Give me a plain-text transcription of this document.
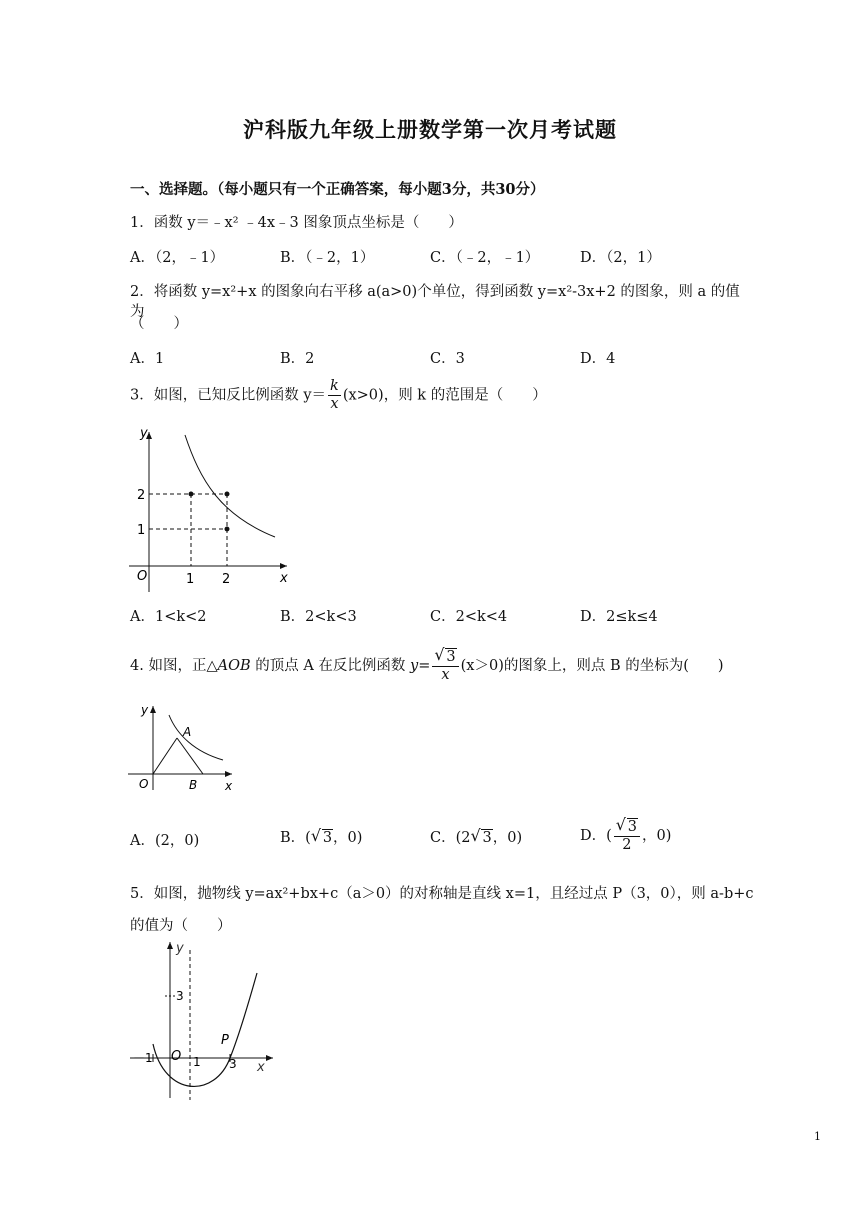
沪科版九年级上册数学第一次月考试题
一、选择题。（每小题只有一个正确答案，每小题3分，共30分）
1．函数 y＝﹣x² ﹣4x﹣3 图象顶点坐标是（　　）
A．（2，﹣1）	B．（﹣2，1）	C．（﹣2，﹣1）	D．（2，1）
2．将函数 y=x²+x 的图象向右平移 a(a>0)个单位，得到函数 y=x²-3x+2 的图象，则 a 的值为
（　　）
A．1	B．2	C．3	D．4
3．如图，已知反比例函数 $y= \frac{k}{x} (x>0)$，则 k 的范围是（　　）
y
x
O	1 2
2
1
A．1<k<2	B．2<k<3	C．2<k<4	D．2≤k≤4
4. 如图，正△AOB 的顶点 A 在反比例函数 $y= \frac{√ 3}{x} (x>0)$的图象上，则点 B 的坐标为(　　)
y
x
O
A
B
A．(2，0)	B．( √ 3，0)	C．(2 √ 3，0)	D．( $\frac{√ 3}{2}$ ，0)
5．如图，抛物线 y=ax²+bx+c（a＞0）的对称轴是直线 x=1，且经过点 P（3，0），则 a-b+c
的值为（　　）
y
x
O
P
－1	1 3
3
1
